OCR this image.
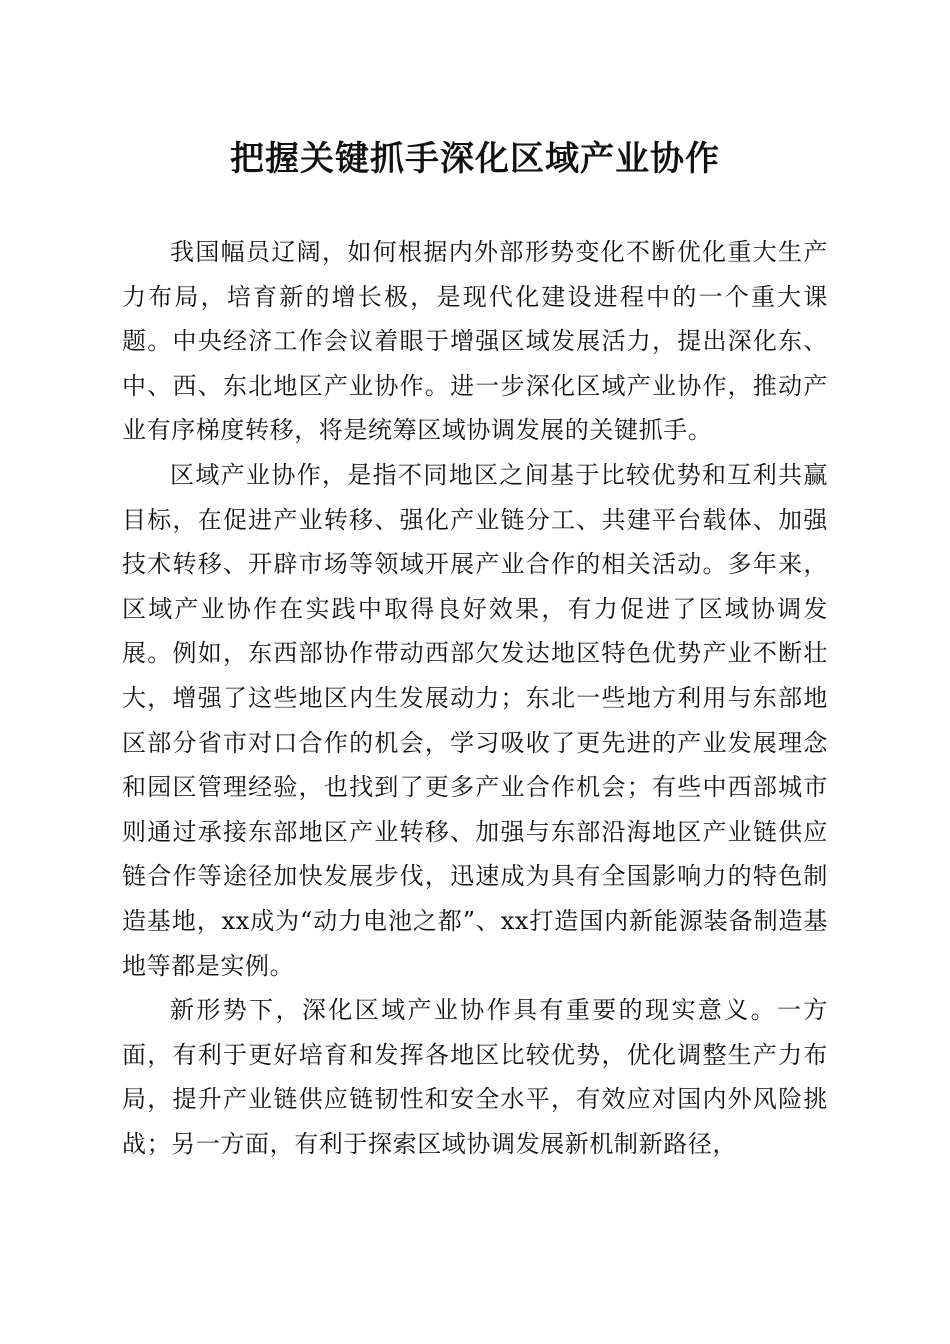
把握关键抓手深化区域产业协作

我国幅员辽阔，如何根据内外部形势变化不断优化重大生产力布局，培育新的增长极，是现代化建设进程中的一个重大课题。中央经济工作会议着眼于增强区域发展活力，提出深化东、中、西、东北地区产业协作。进一步深化区域产业协作，推动产业有序梯度转移，将是统筹区域协调发展的关键抓手。

区域产业协作，是指不同地区之间基于比较优势和互利共赢目标，在促进产业转移、强化产业链分工、共建平台载体、加强技术转移、开辟市场等领域开展产业合作的相关活动。多年来，区域产业协作在实践中取得良好效果，有力促进了区域协调发展。例如，东西部协作带动西部欠发达地区特色优势产业不断壮大，增强了这些地区内生发展动力；东北一些地方利用与东部地区部分省市对口合作的机会，学习吸收了更先进的产业发展理念和园区管理经验，也找到了更多产业合作机会；有些中西部城市则通过承接东部地区产业转移、加强与东部沿海地区产业链供应链合作等途径加快发展步伐，迅速成为具有全国影响力的特色制造基地，xx成为“动力电池之都”、xx打造国内新能源装备制造基地等都是实例。

新形势下，深化区域产业协作具有重要的现实意义。一方面，有利于更好培育和发挥各地区比较优势，优化调整生产力布局，提升产业链供应链韧性和安全水平，有效应对国内外风险挑战；另一方面，有利于探索区域协调发展新机制新路径，
